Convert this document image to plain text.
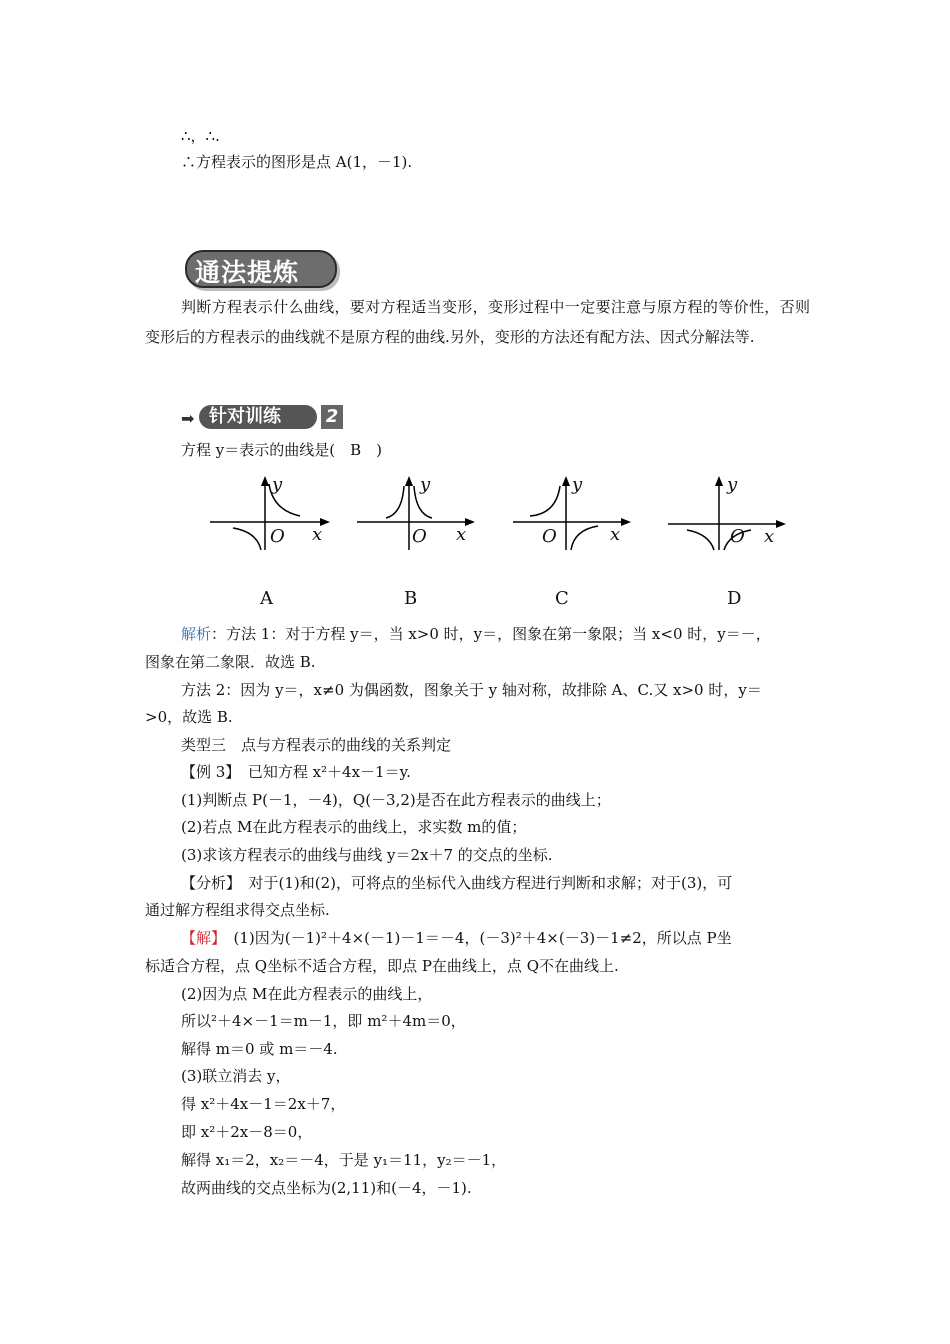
∴，∴.
∴方程表示的图形是点 A(1，－1).
通法提炼
判断方程表示什么曲线，要对方程适当变形，变形过程中一定要注意与原方程的等价性，否则变形后的方程表示的曲线就不是原方程的曲线.另外，变形的方法还有配方法、因式分解法等.
➡ 针对训练	2
方程 y＝表示的曲线是(　B　)
y
x
O
A
y
x
O
B
y
x
O
C
y
x
O
D
解析：方法 1：对于方程 y＝，当 x>0 时，y＝，图象在第一象限；当 x<0 时，y＝－，
图象在第二象限．故选 B.
方法 2：因为 y＝，x≠0 为偶函数，图象关于 y 轴对称，故排除 A、C.又 x>0 时，y＝
>0，故选 B.
类型三　点与方程表示的曲线的关系判定
【例 3】　已知方程 x²＋4x－1＝y.
(1)判断点 P(－1，－4)，Q(－3,2)是否在此方程表示的曲线上；
(2)若点 M在此方程表示的曲线上，求实数 m的值；
(3)求该方程表示的曲线与曲线 y＝2x＋7 的交点的坐标.
【分析】　对于(1)和(2)，可将点的坐标代入曲线方程进行判断和求解；对于(3)，可
通过解方程组求得交点坐标.
【解】　(1)因为(－1)²＋4×(－1)－1＝－4，(－3)²＋4×(－3)－1≠2，所以点 P坐
标适合方程，点 Q坐标不适合方程，即点 P在曲线上，点 Q不在曲线上.
(2)因为点 M在此方程表示的曲线上，
所以²＋4×－1＝m－1，即 m²＋4m＝0，
解得 m＝0 或 m＝－4.
(3)联立消去 y，
得 x²＋4x－1＝2x＋7，
即 x²＋2x－8＝0，
解得 x₁＝2，x₂＝－4，于是 y₁＝11，y₂＝－1，
故两曲线的交点坐标为(2,11)和(－4，－1).
